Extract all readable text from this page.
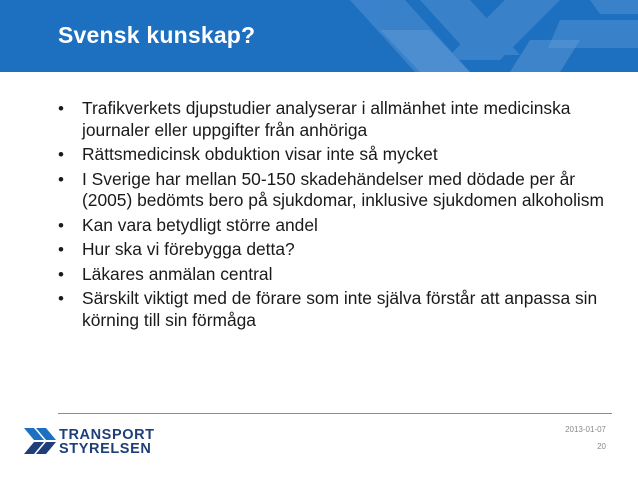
Svensk kunskap?
• Trafikverkets djupstudier analyserar i allmänhet inte medicinska journaler eller uppgifter från anhöriga
• Rättsmedicinsk obduktion visar inte så mycket
• I Sverige har mellan 50-150 skadehändelser med dödade per år (2005) bedömts bero på sjukdomar, inklusive sjukdomen alkoholism
• Kan vara betydligt större andel
• Hur ska vi förebygga detta?
• Läkares anmälan central
• Särskilt viktigt med de förare som inte själva förstår att anpassa sin körning till sin förmåga
TRANSPORT
STYRELSEN
2013-01-07
20
